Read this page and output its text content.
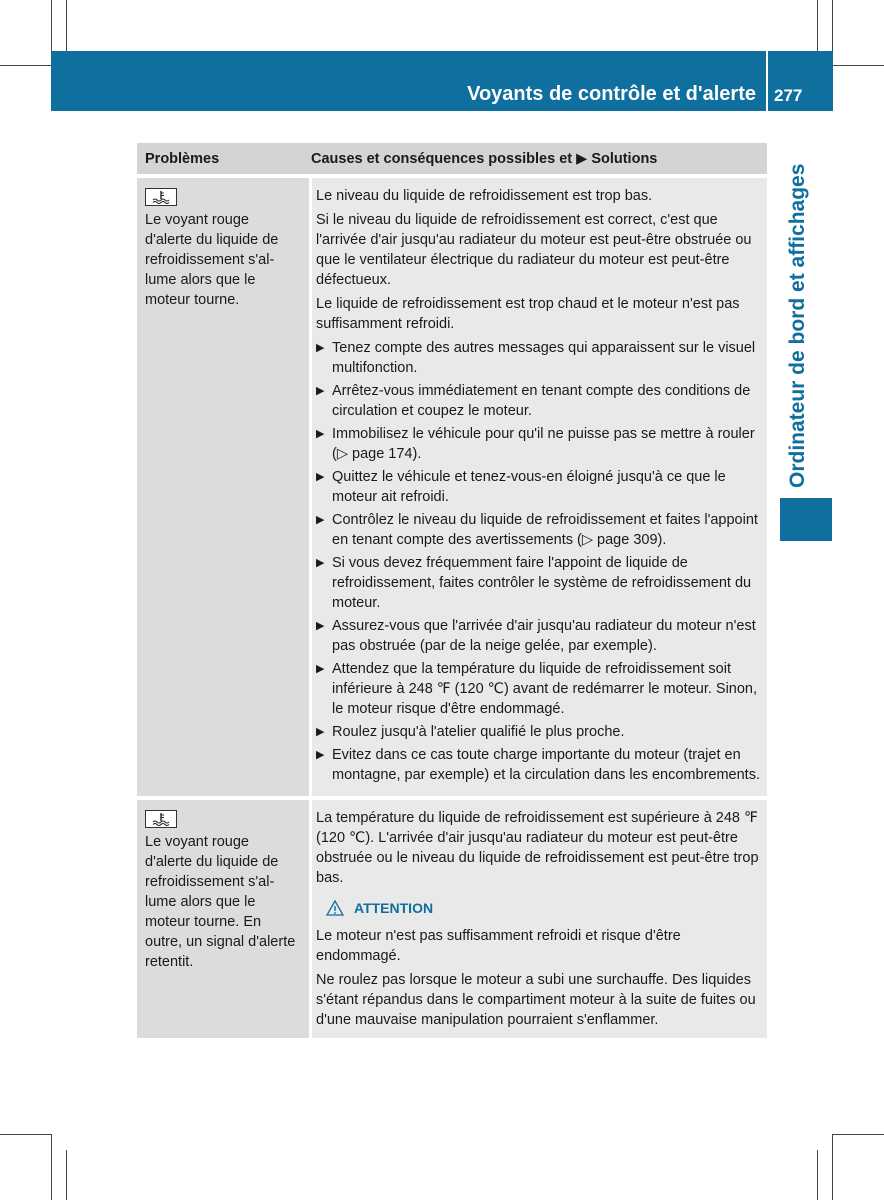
Voyants de contrôle et d'alerte 277
Ordinateur de bord et affichages
Problèmes	Causes et conséquences possibles et ▶ Solutions
Le voyant rouge
d'alerte du liquide de
refroidissement s'al-
lume alors que le
moteur tourne.

Le niveau du liquide de refroidissement est trop bas.

Si le niveau du liquide de refroidissement est correct, c'est que l'arrivée d'air jusqu'au radiateur du moteur est peut-être obstruée ou que le ventilateur électrique du radiateur du moteur est peut-être défectueux.

Le liquide de refroidissement est trop chaud et le moteur n'est pas suffisamment refroidi.

▶ Tenez compte des autres messages qui apparaissent sur le visuel multifonction.
▶ Arrêtez-vous immédiatement en tenant compte des conditions de circulation et coupez le moteur.
▶ Immobilisez le véhicule pour qu'il ne puisse pas se mettre à rouler (▷ page 174).
▶ Quittez le véhicule et tenez-vous-en éloigné jusqu'à ce que le moteur ait refroidi.
▶ Contrôlez le niveau du liquide de refroidissement et faites l'appoint en tenant compte des avertissements (▷ page 309).
▶ Si vous devez fréquemment faire l'appoint de liquide de refroidissement, faites contrôler le système de refroidissement du moteur.
▶ Assurez-vous que l'arrivée d'air jusqu'au radiateur du moteur n'est pas obstruée (par de la neige gelée, par exemple).
▶ Attendez que la température du liquide de refroidissement soit inférieure à 248 ℉ (120 ℃) avant de redémarrer le moteur. Sinon, le moteur risque d'être endommagé.
▶ Roulez jusqu'à l'atelier qualifié le plus proche.
▶ Evitez dans ce cas toute charge importante du moteur (trajet en montagne, par exemple) et la circulation dans les encombrements.
Le voyant rouge
d'alerte du liquide de
refroidissement s'al-
lume alors que le
moteur tourne. En
outre, un signal d'alerte
retentit.

La température du liquide de refroidissement est supérieure à 248 ℉ (120 ℃). L'arrivée d'air jusqu'au radiateur du moteur est peut-être obstruée ou le niveau du liquide de refroidissement est peut-être trop bas.

ATTENTION

Le moteur n'est pas suffisamment refroidi et risque d'être endommagé.

Ne roulez pas lorsque le moteur a subi une surchauffe. Des liquides s'étant répandus dans le compartiment moteur à la suite de fuites ou d'une mauvaise manipulation pourraient s'enflammer.
